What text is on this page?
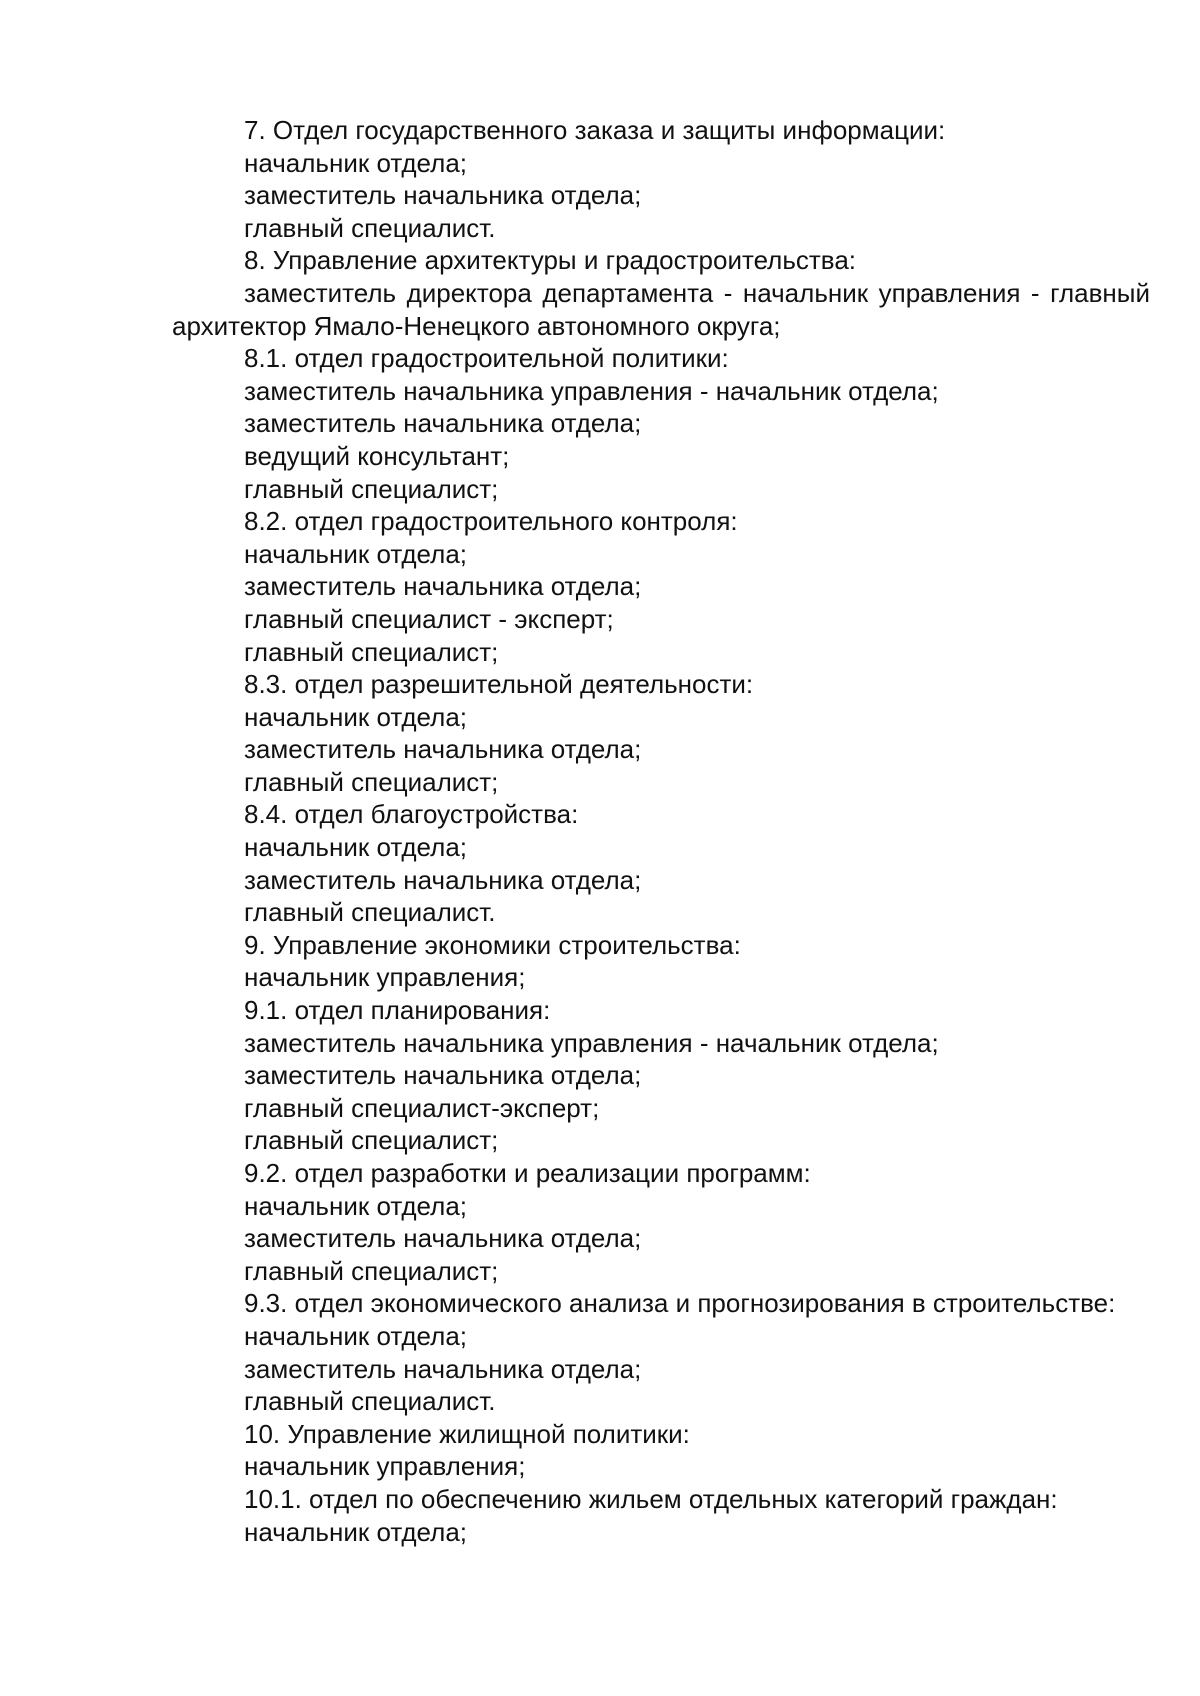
7. Отдел государственного заказа и защиты информации:

начальник отдела;

заместитель начальника отдела;

главный специалист.

8. Управление архитектуры и градостроительства:

заместитель директора департамента - начальник управления - главный архитектор Ямало-Ненецкого автономного округа;

8.1. отдел градостроительной политики:

заместитель начальника управления - начальник отдела;

заместитель начальника отдела;

ведущий консультант;

главный специалист;

8.2. отдел градостроительного контроля:

начальник отдела;

заместитель начальника отдела;

главный специалист - эксперт;

главный специалист;

8.3. отдел разрешительной деятельности:

начальник отдела;

заместитель начальника отдела;

главный специалист;

8.4. отдел благоустройства:

начальник отдела;

заместитель начальника отдела;

главный специалист.

9. Управление экономики строительства:

начальник управления;

9.1. отдел планирования:

заместитель начальника управления - начальник отдела;

заместитель начальника отдела;

главный специалист-эксперт;

главный специалист;

9.2. отдел разработки и реализации программ:

начальник отдела;

заместитель начальника отдела;

главный специалист;

9.3. отдел экономического анализа и прогнозирования в строительстве:

начальник отдела;

заместитель начальника отдела;

главный специалист.

10. Управление жилищной политики:

начальник управления;

10.1. отдел по обеспечению жильем отдельных категорий граждан:

начальник отдела;
